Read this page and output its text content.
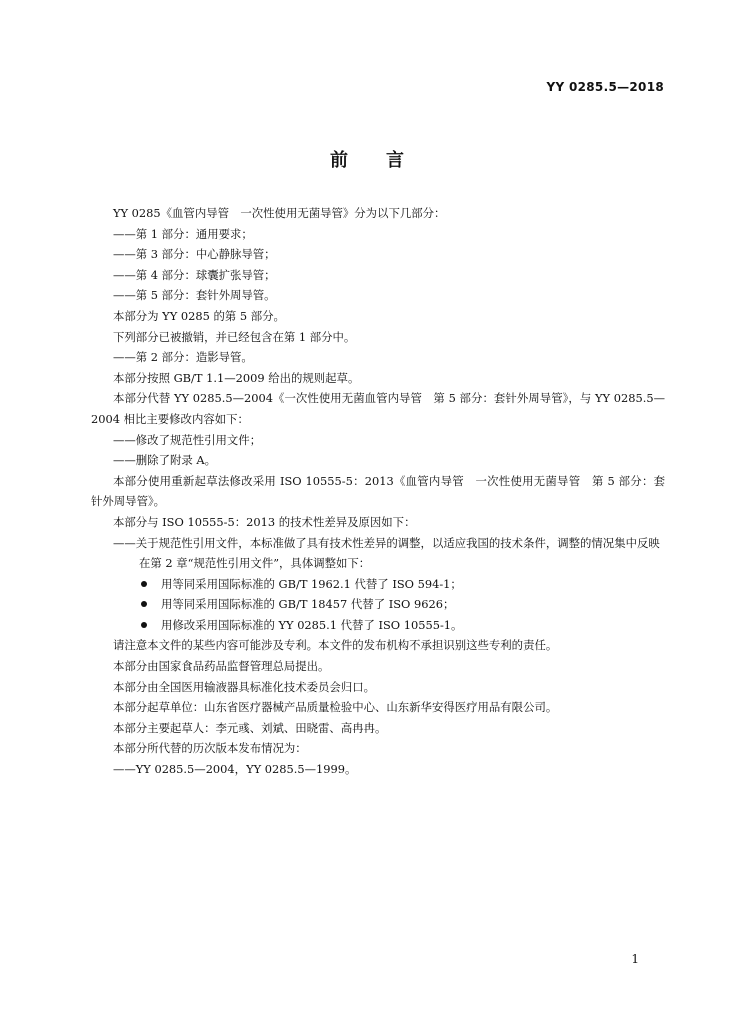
YY 0285.5—2018
前 言

YY 0285《血管内导管　一次性使用无菌导管》分为以下几部分：

——第 1 部分：通用要求；

——第 3 部分：中心静脉导管；

——第 4 部分：球囊扩张导管；

——第 5 部分：套针外周导管。

本部分为 YY 0285 的第 5 部分。

下列部分已被撤销，并已经包含在第 1 部分中。

——第 2 部分：造影导管。

本部分按照 GB/T 1.1—2009 给出的规则起草。

本部分代替 YY 0285.5—2004《一次性使用无菌血管内导管　第 5 部分：套针外周导管》，与 YY 0285.5—2004 相比主要修改内容如下：

——修改了规范性引用文件；

——删除了附录 A。

本部分使用重新起草法修改采用 ISO 10555-5：2013《血管内导管　一次性使用无菌导管　第 5 部分：套针外周导管》。

本部分与 ISO 10555-5：2013 的技术性差异及原因如下：

——关于规范性引用文件，本标准做了具有技术性差异的调整，以适应我国的技术条件，调整的情况集中反映在第 2 章“规范性引用文件”，具体调整如下：
用等同采用国际标准的 GB/T 1962.1 代替了 ISO 594-1；
用等同采用国际标准的 GB/T 18457 代替了 ISO 9626；
用修改采用国际标准的 YY 0285.1 代替了 ISO 10555-1。

请注意本文件的某些内容可能涉及专利。本文件的发布机构不承担识别这些专利的责任。

本部分由国家食品药品监督管理总局提出。

本部分由全国医用输液器具标准化技术委员会归口。

本部分起草单位：山东省医疗器械产品质量检验中心、山东新华安得医疗用品有限公司。

本部分主要起草人：李元彧、刘斌、田晓雷、高冉冉。

本部分所代替的历次版本发布情况为：

——YY 0285.5—2004，YY 0285.5—1999。

1
